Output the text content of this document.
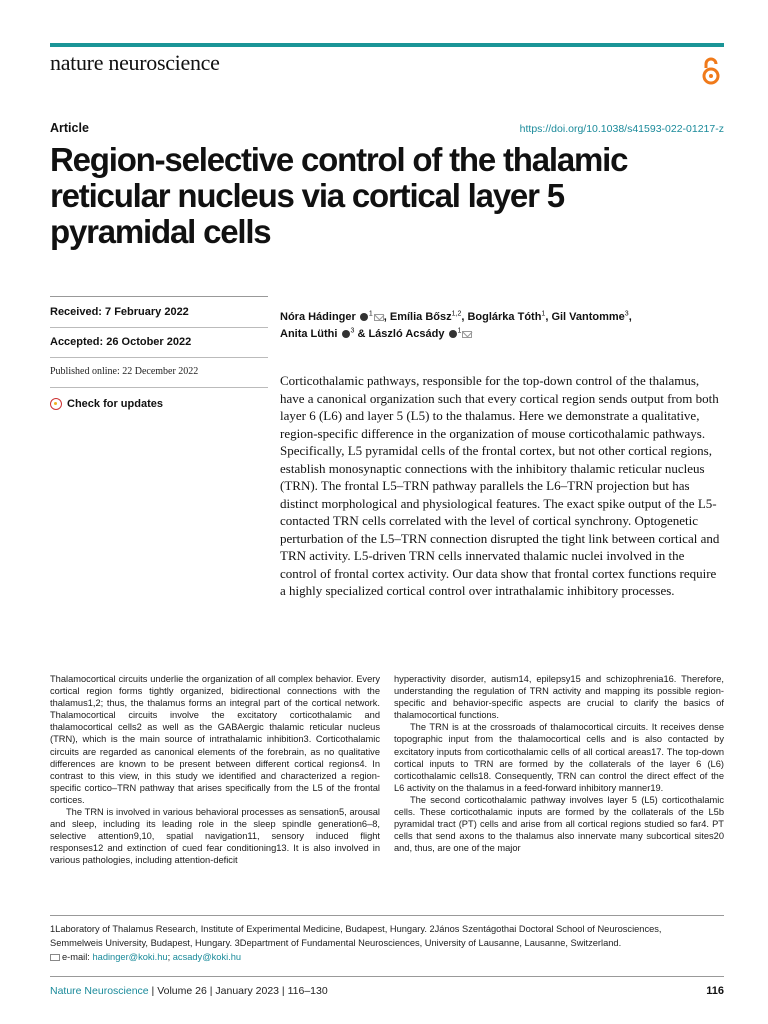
nature neuroscience
Article	https://doi.org/10.1038/s41593-022-01217-z
Region-selective control of the thalamic reticular nucleus via cortical layer 5 pyramidal cells
Received: 7 February 2022
Accepted: 26 October 2022
Published online: 22 December 2022
Check for updates
Nóra Hádinger $^1$ , Emília Bősz$^{1,2}$, Boglárka Tóth$^1$, Gil Vantomme$^3$,
Anita Lüthi $^3$ & László Acsády $^1$

Corticothalamic pathways, responsible for the top-down control of the thalamus, have a canonical organization such that every cortical region sends output from both layer 6 (L6) and layer 5 (L5) to the thalamus. Here we demonstrate a qualitative, region-specific difference in the organization of mouse corticothalamic pathways. Specifically, L5 pyramidal cells of the frontal cortex, but not other cortical regions, establish monosynaptic connections with the inhibitory thalamic reticular nucleus (TRN). The frontal L5–TRN pathway parallels the L6–TRN projection but has distinct morphological and physiological features. The exact spike output of the L5-contacted TRN cells correlated with the level of cortical synchrony. Optogenetic perturbation of the L5–TRN connection disrupted the tight link between cortical and TRN activity. L5-driven TRN cells innervated thalamic nuclei involved in the control of frontal cortex activity. Our data show that frontal cortex functions require a highly specialized cortical control over intrathalamic inhibitory processes.

Thalamocortical circuits underlie the organization of all complex behavior. Every cortical region forms tightly organized, bidirectional connections with the thalamus1,2; thus, the thalamus forms an integral part of the cortical network. Thalamocortical circuits involve the excitatory corticothalamic and thalamocortical cells2 as well as the GABAergic thalamic reticular nucleus (TRN), which is the main source of intrathalamic inhibition3. Corticothalamic circuits are regarded as canonical elements of the forebrain, as no qualitative differences are known to be present between different cortical regions4. In contrast to this view, in this study we identified and characterized a region-specific cortico–TRN pathway that arises specifically from the L5 of the frontal cortices.

The TRN is involved in various behavioral processes as sensation5, arousal and sleep, including its leading role in the sleep spindle generation6–8, selective attention9,10, spatial navigation11, sensory induced flight responses12 and extinction of cued fear conditioning13. It is also involved in various pathologies, including attention-deficit

hyperactivity disorder, autism14, epilepsy15 and schizophrenia16. Therefore, understanding the regulation of TRN activity and mapping its possible region-specific and behavior-specific aspects are crucial to clarify the basics of thalamocortical functions.

The TRN is at the crossroads of thalamocortical circuits. It receives dense topographic input from the thalamocortical cells and is also contacted by excitatory inputs from corticothalamic cells of all cortical areas17. The top-down cortical inputs to TRN are formed by the collaterals of the layer 6 (L6) corticothalamic cells18. Consequently, TRN can control the direct effect of the L6 activity on the thalamus in a feed-forward inhibitory manner19.

The second corticothalamic pathway involves layer 5 (L5) corticothalamic cells. These corticothalamic inputs are formed by the collaterals of the L5b pyramidal tract (PT) cells and arise from all cortical regions studied so far4. PT cells that send axons to the thalamus also innervate many subcortical sites20 and, thus, are one of the major

1Laboratory of Thalamus Research, Institute of Experimental Medicine, Budapest, Hungary. 2János Szentágothai Doctoral School of Neurosciences,
Semmelweis University, Budapest, Hungary. 3Department of Fundamental Neurosciences, University of Lausanne, Lausanne, Switzerland.
e-mail: hadinger@koki.hu; acsady@koki.hu
Nature Neuroscience | Volume 26 | January 2023 | 116–130	116
